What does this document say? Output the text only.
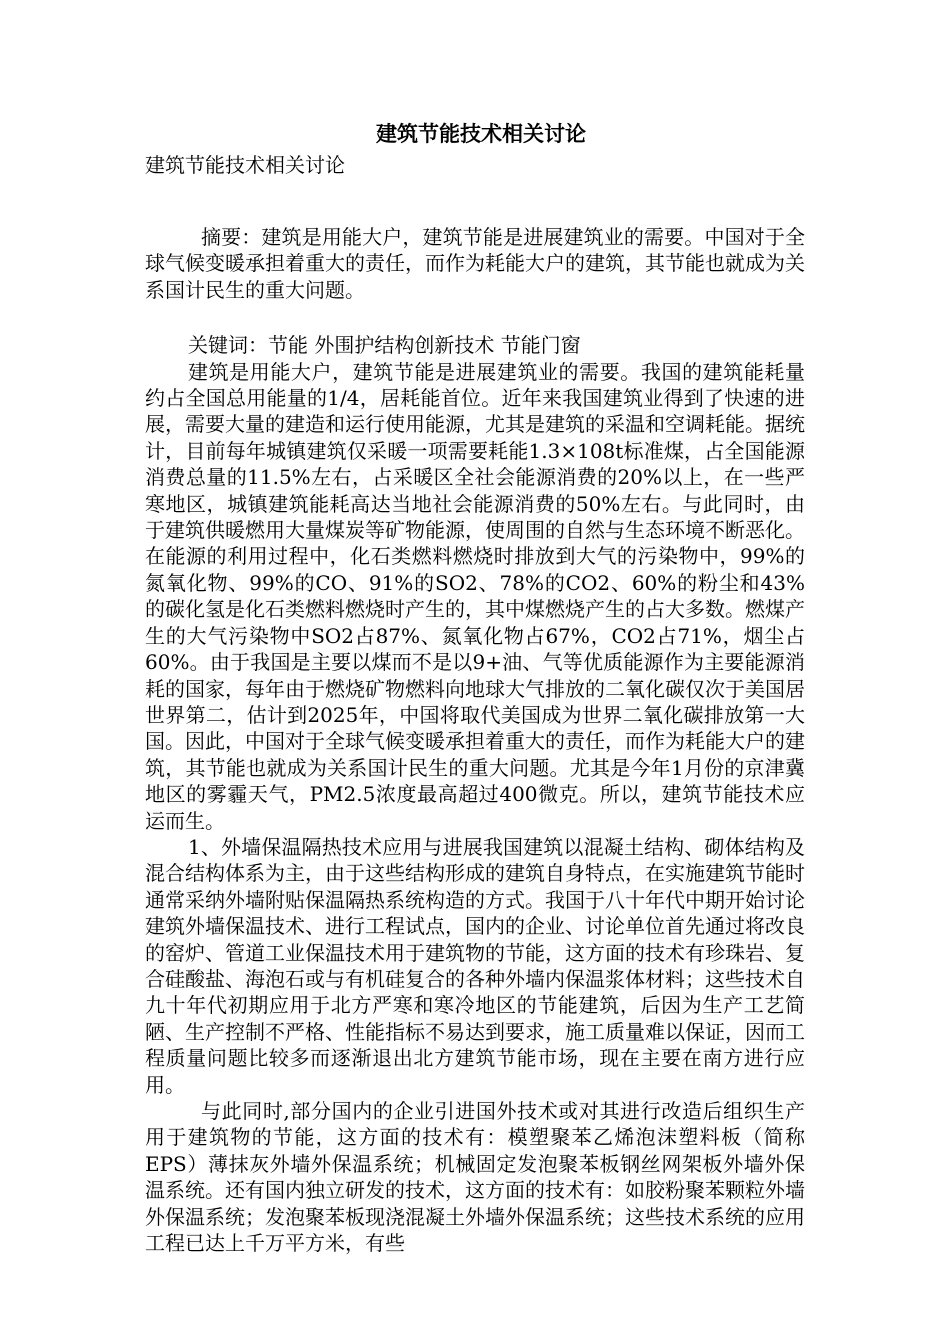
建筑节能技术相关讨论

建筑节能技术相关讨论

摘要：建筑是用能大户，建筑节能是进展建筑业的需要。中国对于全球气候变暖承担着重大的责任，而作为耗能大户的建筑，其节能也就成为关系国计民生的重大问题。

关键词：节能 外围护结构创新技术 节能门窗

建筑是用能大户，建筑节能是进展建筑业的需要。我国的建筑能耗量约占全国总用能量的1/4，居耗能首位。近年来我国建筑业得到了快速的进展，需要大量的建造和运行使用能源，尤其是建筑的采温和空调耗能。据统计，目前每年城镇建筑仅采暖一项需要耗能1.3×108t标准煤，占全国能源消费总量的11.5%左右，占采暖区全社会能源消费的20%以上，在一些严寒地区，城镇建筑能耗高达当地社会能源消费的50%左右。与此同时，由于建筑供暖燃用大量煤炭等矿物能源，使周围的自然与生态环境不断恶化。在能源的利用过程中，化石类燃料燃烧时排放到大气的污染物中，99%的氮氧化物、99%的CO、91%的SO2、78%的CO2、60%的粉尘和43%的碳化氢是化石类燃料燃烧时产生的，其中煤燃烧产生的占大多数。燃煤产生的大气污染物中SO2占87%、氮氧化物占67%，CO2占71%，烟尘占60%。由于我国是主要以煤而不是以9+油、气等优质能源作为主要能源消耗的国家，每年由于燃烧矿物燃料向地球大气排放的二氧化碳仅次于美国居世界第二，估计到2025年，中国将取代美国成为世界二氧化碳排放第一大国。因此，中国对于全球气候变暖承担着重大的责任，而作为耗能大户的建筑，其节能也就成为关系国计民生的重大问题。尤其是今年1月份的京津冀地区的雾霾天气，PM2.5浓度最高超过400微克。所以，建筑节能技术应运而生。

1、外墙保温隔热技术应用与进展我国建筑以混凝土结构、砌体结构及混合结构体系为主，由于这些结构形成的建筑自身特点，在实施建筑节能时通常采纳外墙附贴保温隔热系统构造的方式。我国于八十年代中期开始讨论建筑外墙保温技术、进行工程试点，国内的企业、讨论单位首先通过将改良的窑炉、管道工业保温技术用于建筑物的节能，这方面的技术有珍珠岩、复合硅酸盐、海泡石或与有机硅复合的各种外墙内保温浆体材料；这些技术自九十年代初期应用于北方严寒和寒冷地区的节能建筑，后因为生产工艺简陋、生产控制不严格、性能指标不易达到要求，施工质量难以保证，因而工程质量问题比较多而逐渐退出北方建筑节能市场，现在主要在南方进行应用。

与此同时,部分国内的企业引进国外技术或对其进行改造后组织生产用于建筑物的节能，这方面的技术有：模塑聚苯乙烯泡沫塑料板（简称EPS）薄抹灰外墙外保温系统；机械固定发泡聚苯板钢丝网架板外墙外保温系统。还有国内独立研发的技术，这方面的技术有：如胶粉聚苯颗粒外墙外保温系统；发泡聚苯板现浇混凝土外墙外保温系统；这些技术系统的应用工程已达上千万平方米，有些
